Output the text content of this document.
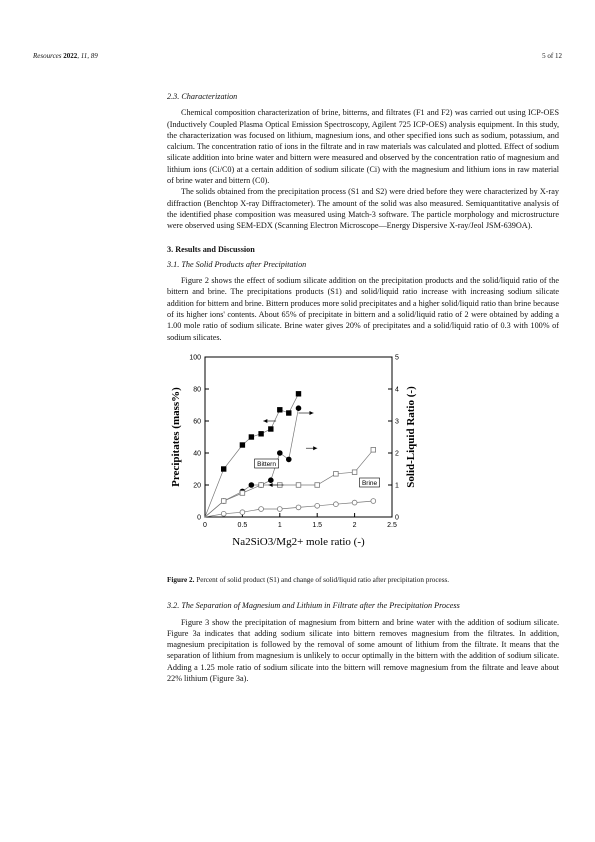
Resources 2022, 11, 89	5 of 12
2.3. Characterization

Chemical composition characterization of brine, bitterns, and filtrates (F1 and F2) was carried out using ICP-OES (Inductively Coupled Plasma Optical Emission Spectroscopy, Agilent 725 ICP-OES) analysis equipment. In this study, the characterization was focused on lithium, magnesium ions, and other specified ions such as sodium, potassium, and calcium. The concentration ratio of ions in the filtrate and in raw materials was calculated and plotted. Effect of sodium silicate addition into brine water and bittern were measured and observed by the concentration ratio of magnesium and lithium ions (Ci/C0) at a certain addition of sodium silicate (Ci) with the magnesium and lithium ions in raw material of brine water and bittern (C0).

The solids obtained from the precipitation process (S1 and S2) were dried before they were characterized by X-ray diffraction (Benchtop X-ray Diffractometer). The amount of the solid was also measured. Semiquantitative analysis of the identified phase composition was measured using Match-3 software. The particle morphology and microstructure were observed using SEM-EDX (Scanning Electron Microscope—Energy Dispersive X-ray/Jeol JSM-639OA).

3. Results and Discussion
3.1. The Solid Products after Precipitation

Figure 2 shows the effect of sodium silicate addition on the precipitation products and the solid/liquid ratio of the bittern and brine. The precipitations products (S1) and solid/liquid ratio increase with increasing sodium silicate addition for bittern and brine. Bittern produces more solid precipitates and a higher solid/liquid ratio than brine because of its higher ions' contents. About 65% of precipitate in bittern and a solid/liquid ratio of 2 were obtained by adding a 1.00 mole ratio of sodium silicate. Brine water gives 20% of precipitates and a solid/liquid ratio of 0.3 with 100% of sodium silicates.

0	0.5	1	1.5	2	2.5
0
20
40
60
80
100
0
1
2
3
4
5
Na2SiO3/Mg2+ mole ratio (-)
Precipitates (mass%)	Solid-Liquid Ratio (-)
Bittern
Brine
Figure 2. Percent of solid product (S1) and change of solid/liquid ratio after precipitation process.
3.2. The Separation of Magnesium and Lithium in Filtrate after the Precipitation Process

Figure 3 show the precipitation of magnesium from bittern and brine water with the addition of sodium silicate. Figure 3a indicates that adding sodium silicate into bittern removes magnesium from the filtrates. In addition, magnesium precipitation is followed by the removal of some amount of lithium from the filtrate. It means that the separation of lithium from magnesium is unlikely to occur optimally in the bittern with the addition of sodium silicate. Adding a 1.25 mole ratio of sodium silicate into the bittern will remove magnesium from the filtrate and leave about 22% lithium (Figure 3a).
